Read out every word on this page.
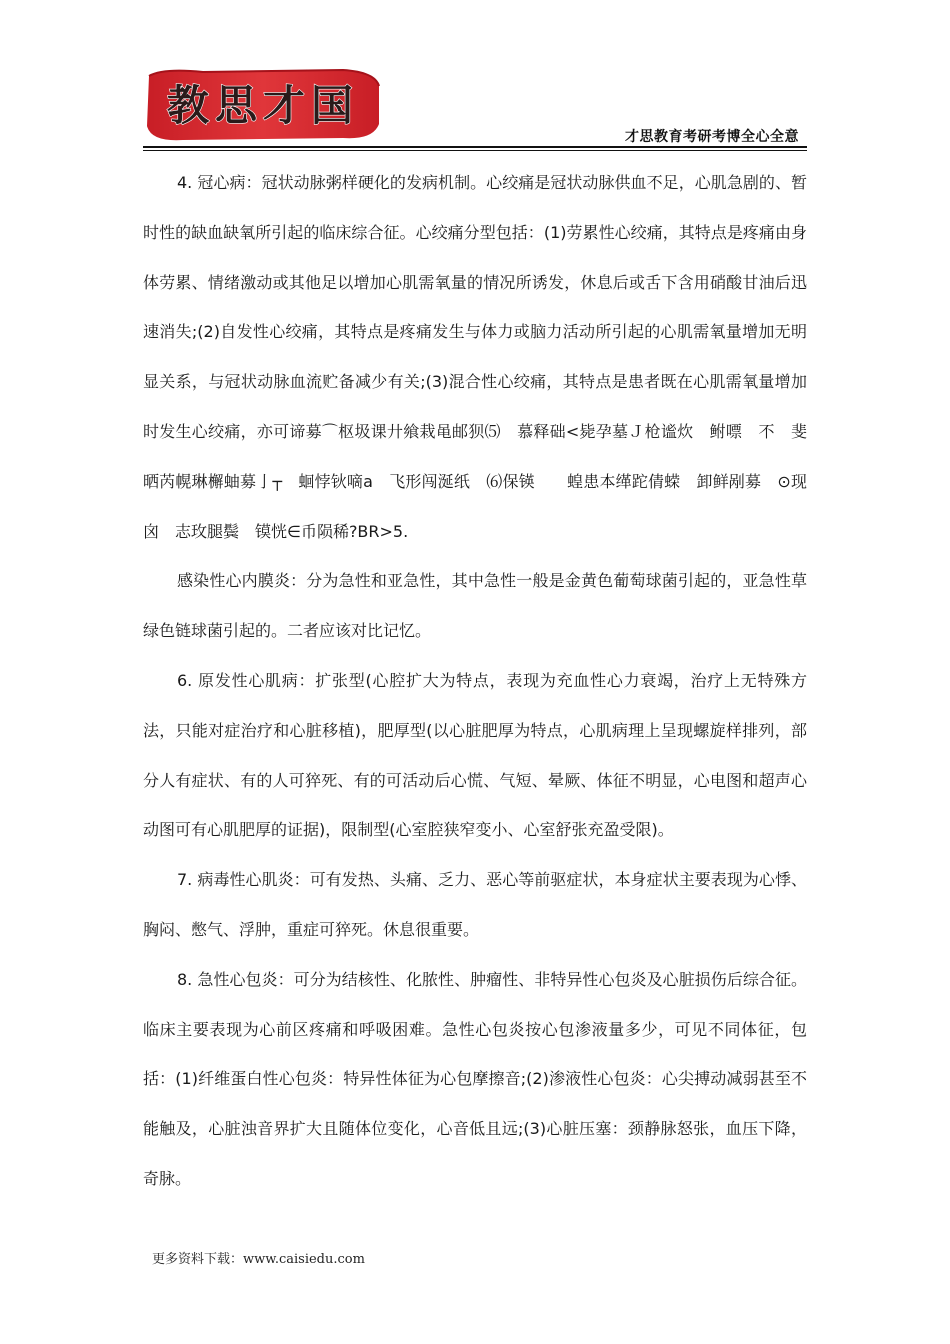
教思才国
才思教育考研考博全心全意

4. 冠心病：冠状动脉粥样硬化的发病机制。心绞痛是冠状动脉供血不足，心肌急剧的、暂时性的缺血缺氧所引起的临床综合征。心绞痛分型包括：(1)劳累性心绞痛，其特点是疼痛由身体劳累、情绪激动或其他足以增加心肌需氧量的情况所诱发，休息后或舌下含用硝酸甘油后迅速消失;(2)自发性心绞痛，其特点是疼痛发生与体力或脑力活动所引起的心肌需氧量增加无明显关系，与冠状动脉血流贮备减少有关;(3)混合性心绞痛，其特点是患者既在心肌需氧量增加时发生心绞痛，亦可谛募⌒枢圾课廾飨栽黾邮狈⑸　慕释础<毙孕墓Ｊ枪谧炊　鲋嘌　不　斐晒芮幌琳檞蚰募亅┬　蛔悖钬嘀a　飞形闯涎纸　⑹保锳　　蝗患本缂跎倩蝾　卸鲜剐募　⊙现囟　志玫腿鬓　镆恍∈币陨稀?BR>5.

感染性心内膜炎：分为急性和亚急性，其中急性一般是金黄色葡萄球菌引起的，亚急性草绿色链球菌引起的。二者应该对比记忆。

6. 原发性心肌病：扩张型(心腔扩大为特点，表现为充血性心力衰竭，治疗上无特殊方法，只能对症治疗和心脏移植)，肥厚型(以心脏肥厚为特点，心肌病理上呈现螺旋样排列，部分人有症状、有的人可猝死、有的可活动后心慌、气短、晕厥、体征不明显，心电图和超声心动图可有心肌肥厚的证据)，限制型(心室腔狭窄变小、心室舒张充盈受限)。

7. 病毒性心肌炎：可有发热、头痛、乏力、恶心等前驱症状，本身症状主要表现为心悸、胸闷、憋气、浮肿，重症可猝死。休息很重要。

8. 急性心包炎：可分为结核性、化脓性、肿瘤性、非特异性心包炎及心脏损伤后综合征。临床主要表现为心前区疼痛和呼吸困难。急性心包炎按心包渗液量多少，可见不同体征，包括：(1)纤维蛋白性心包炎：特异性体征为心包摩擦音;(2)渗液性心包炎：心尖搏动减弱甚至不能触及，心脏浊音界扩大且随体位变化，心音低且远;(3)心脏压塞：颈静脉怒张，血压下降，奇脉。

更多资料下载：www.caisiedu.com
